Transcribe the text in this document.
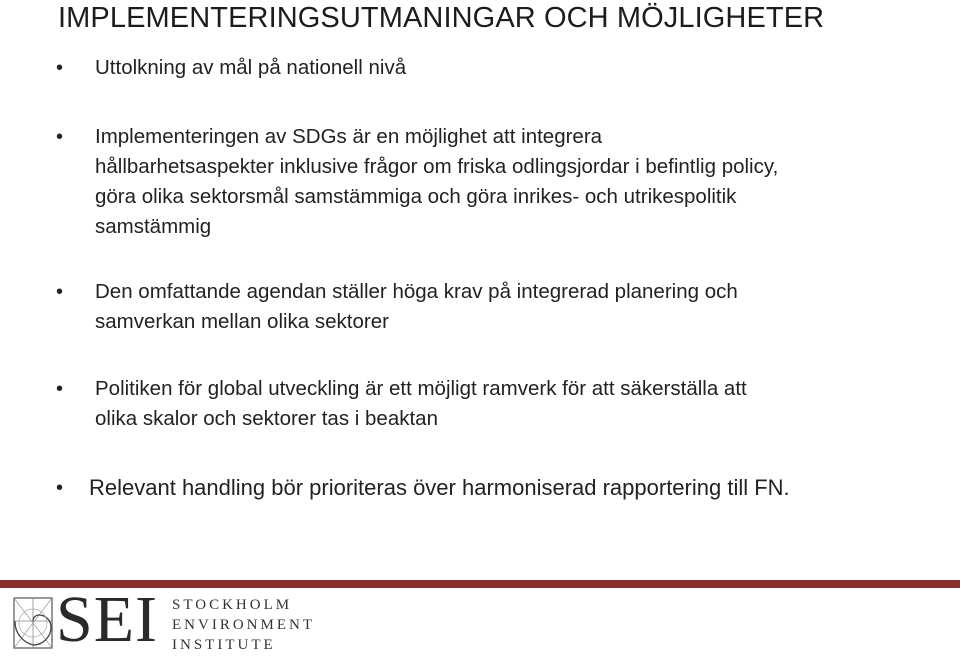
IMPLEMENTERINGSUTMANINGAR OCH MÖJLIGHETER
• Uttolkning av mål på nationell nivå
• Implementeringen av SDGs är en möjlighet att integrera
hållbarhetsaspekter inklusive frågor om friska odlingsjordar i befintlig policy,
göra olika sektorsmål samstämmiga och göra inrikes- och utrikespolitik
samstämmig
• Den omfattande agendan ställer höga krav på integrerad planering och
samverkan mellan olika sektorer
• Politiken för global utveckling är ett möjligt ramverk för att säkerställa att
olika skalor och sektorer tas i beaktan
• Relevant handling bör prioriteras över harmoniserad rapportering till FN.
SEI STOCKHOLM
ENVIRONMENT
INSTITUTE
